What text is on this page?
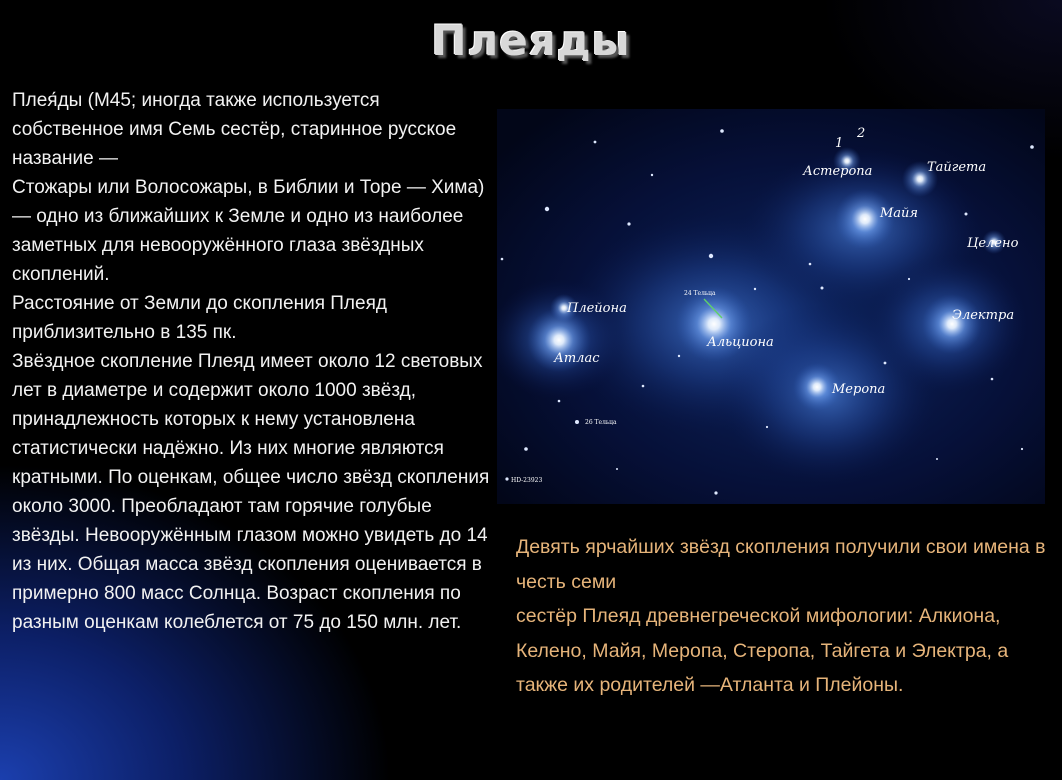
Плеяды

Плея́ды (M45; иногда также используется собственное имя Семь сестёр, старинное русское название —
Стожары или Волосожары, в Библии и Торе — Хима) — одно из ближайших к Земле и одно из наиболее заметных для невооружённого глаза звёздных скоплений.
Расстояние от Земли до скопления Плеяд приблизительно в 135 пк.
Звёздное скопление Плеяд имеет около 12 световых лет в диаметре и содержит около 1000 звёзд, принадлежность которых к нему установлена статистически надёжно. Из них многие являются кратными. По оценкам, общее число звёзд скопления около 3000. Преобладают там горячие голубые звёзды. Невооружённым глазом можно увидеть до 14 из них. Общая масса звёзд скопления оценивается в примерно 800 масс Солнца. Возраст скопления по разным оценкам колеблется от 75 до 150 млн. лет.

1
2
Астеропа	Тайгета
Майя
Целено
Плейона
24 Тельца
Альциона
Электра
Атлас
Меропа
26 Тельца
HD-23923

Девять ярчайших звёзд скопления получили свои имена в честь семи
сестёр Плеяд древнегреческой мифологии: Алкиона, Келено, Майя, Меропа, Стеропа, Тайгета и Электра, а также их родителей —Атланта и Плейоны.
